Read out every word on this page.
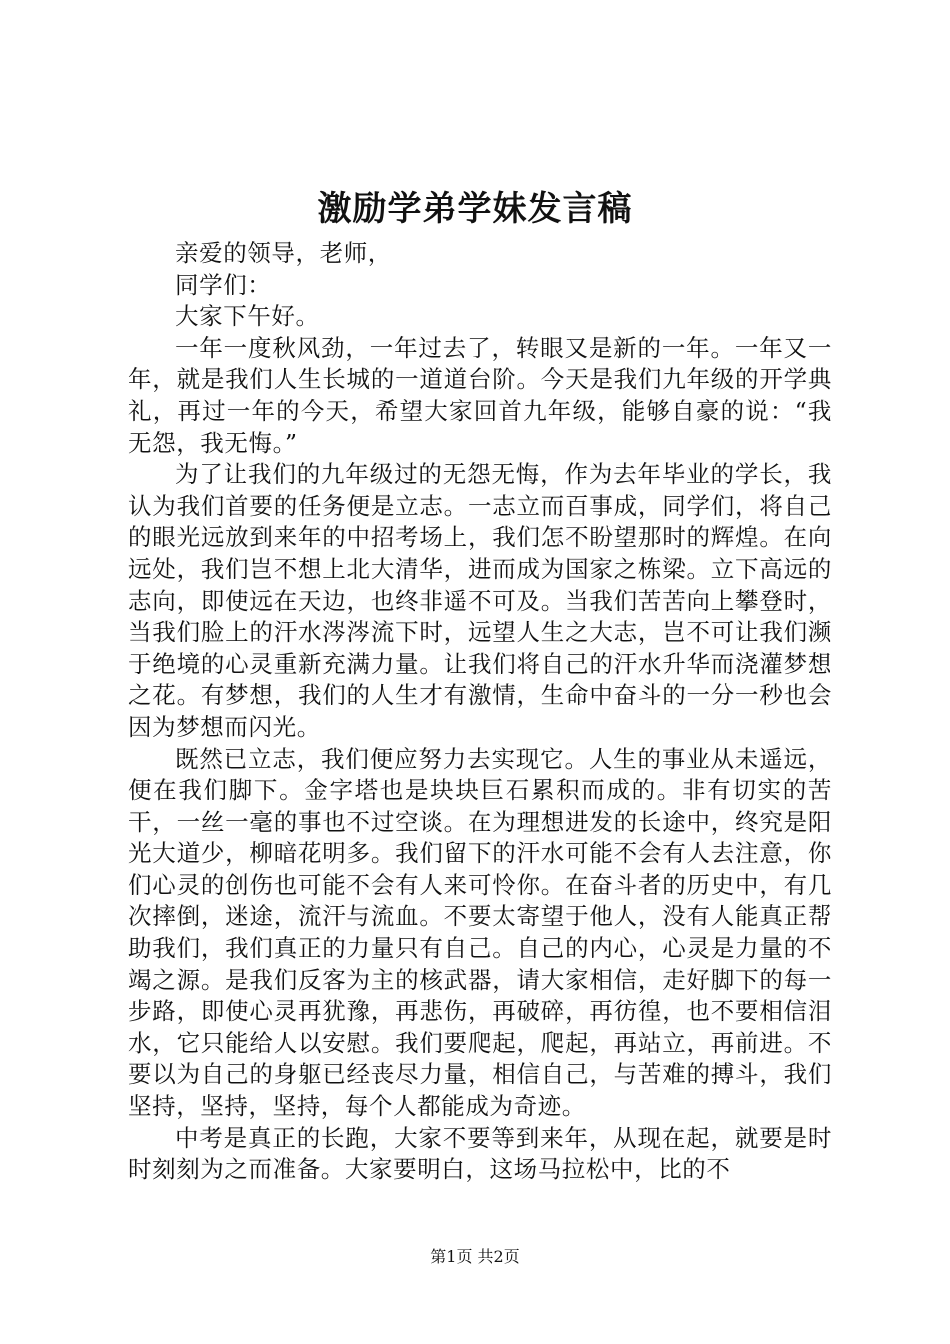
激励学弟学妹发言稿

亲爱的领导，老师，

同学们：

大家下午好。

一年一度秋风劲，一年过去了，转眼又是新的一年。一年又一年，就是我们人生长城的一道道台阶。今天是我们九年级的开学典礼，再过一年的今天，希望大家回首九年级，能够自豪的说：“我无怨，我无悔。”

为了让我们的九年级过的无怨无悔，作为去年毕业的学长，我认为我们首要的任务便是立志。一志立而百事成，同学们，将自己的眼光远放到来年的中招考场上，我们怎不盼望那时的辉煌。在向远处，我们岂不想上北大清华，进而成为国家之栋梁。立下高远的志向，即使远在天边，也终非遥不可及。当我们苦苦向上攀登时，当我们脸上的汗水涔涔流下时，远望人生之大志，岂不可让我们濒于绝境的心灵重新充满力量。让我们将自己的汗水升华而浇灌梦想之花。有梦想，我们的人生才有激情，生命中奋斗的一分一秒也会因为梦想而闪光。

既然已立志，我们便应努力去实现它。人生的事业从未遥远，便在我们脚下。金字塔也是块块巨石累积而成的。非有切实的苦干，一丝一毫的事也不过空谈。在为理想进发的长途中，终究是阳光大道少，柳暗花明多。我们留下的汗水可能不会有人去注意，你们心灵的创伤也可能不会有人来可怜你。在奋斗者的历史中，有几次摔倒，迷途，流汗与流血。不要太寄望于他人，没有人能真正帮助我们，我们真正的力量只有自己。自己的内心，心灵是力量的不竭之源。是我们反客为主的核武器，请大家相信，走好脚下的每一步路，即使心灵再犹豫，再悲伤，再破碎，再彷徨，也不要相信泪水，它只能给人以安慰。我们要爬起，爬起，再站立，再前进。不要以为自己的身躯已经丧尽力量，相信自己，与苦难的搏斗，我们坚持，坚持，坚持，每个人都能成为奇迹。

中考是真正的长跑，大家不要等到来年，从现在起，就要是时时刻刻为之而准备。大家要明白，这场马拉松中，比的不

第1页 共2页
